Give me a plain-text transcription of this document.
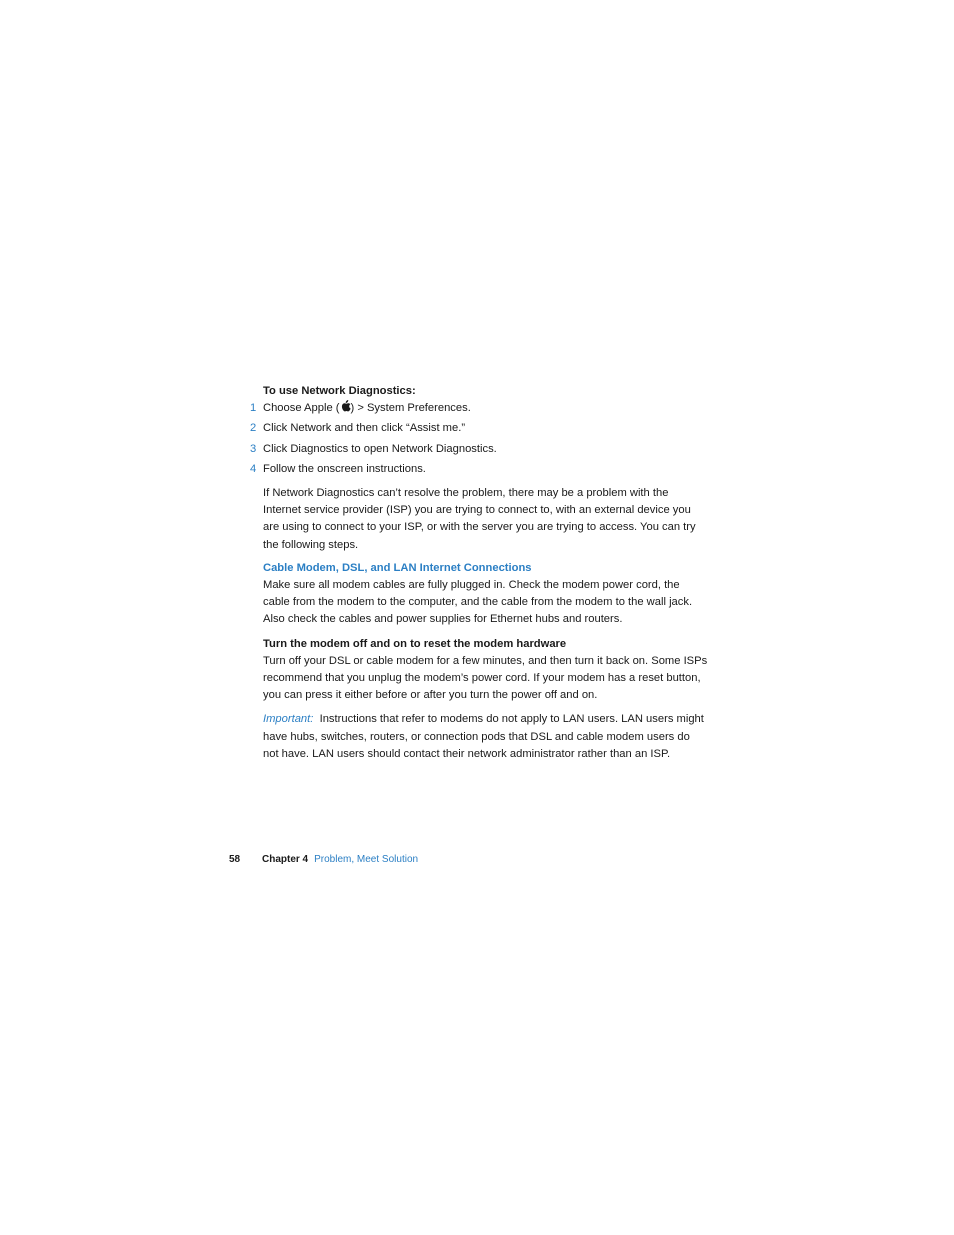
To use Network Diagnostics:
1 Choose Apple ( ) > System Preferences.
2 Click Network and then click “Assist me.”
3 Click Diagnostics to open Network Diagnostics.
4 Follow the onscreen instructions.

If Network Diagnostics can’t resolve the problem, there may be a problem with the Internet service provider (ISP) you are trying to connect to, with an external device you are using to connect to your ISP, or with the server you are trying to access. You can try the following steps.

Cable Modem, DSL, and LAN Internet Connections

Make sure all modem cables are fully plugged in. Check the modem power cord, the cable from the modem to the computer, and the cable from the modem to the wall jack. Also check the cables and power supplies for Ethernet hubs and routers.

Turn the modem off and on to reset the modem hardware

Turn off your DSL or cable modem for a few minutes, and then turn it back on. Some ISPs recommend that you unplug the modem’s power cord. If your modem has a reset button, you can press it either before or after you turn the power off and on.

Important: Instructions that refer to modems do not apply to LAN users. LAN users might have hubs, switches, routers, or connection pods that DSL and cable modem users do not have. LAN users should contact their network administrator rather than an ISP.

58 Chapter 4 Problem, Meet Solution
